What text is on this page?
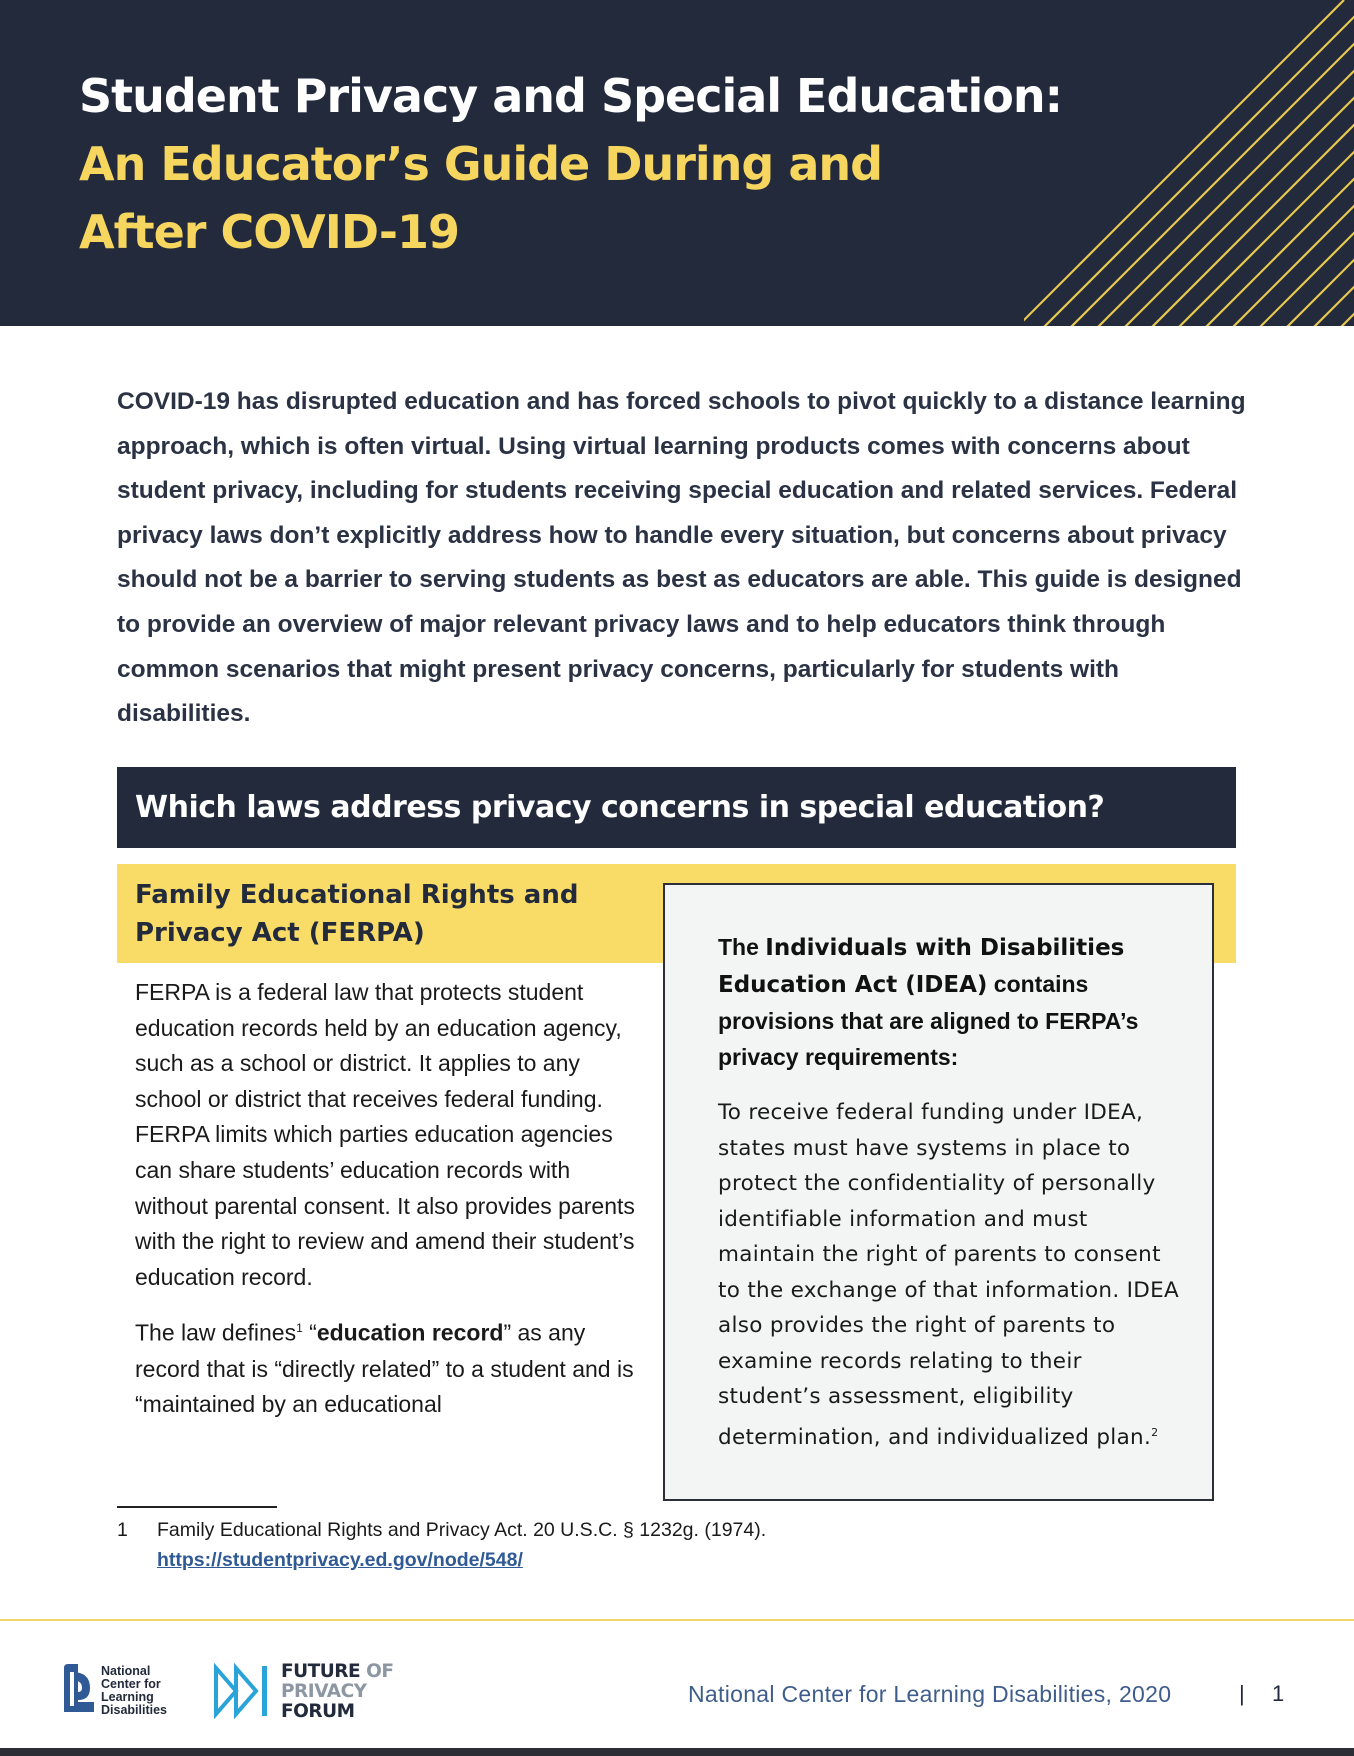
Student Privacy and Special Education:
An Educator’s Guide During and
After COVID-19

COVID-19 has disrupted education and has forced schools to pivot quickly to a distance learning approach, which is often virtual. Using virtual learning products comes with concerns about student privacy, including for students receiving special education and related services. Federal privacy laws don’t explicitly address how to handle every situation, but concerns about privacy should not be a barrier to serving students as best as educators are able. This guide is designed to provide an overview of major relevant privacy laws and to help educators think through common scenarios that might present privacy concerns, particularly for students with disabilities.

Which laws address privacy concerns in special education?
Family Educational Rights and
Privacy Act (FERPA)

FERPA is a federal law that protects student education records held by an education agency, such as a school or district. It applies to any school or district that receives federal funding. FERPA limits which parties education agencies can share students’ education records with without parental consent. It also provides parents with the right to review and amend their student’s education record.

The law defines$^1$ “education record” as any record that is “directly related” to a student and is “maintained by an educational

The Individuals with Disabilities Education Act (IDEA) contains provisions that are aligned to FERPA’s privacy requirements:

To receive federal funding under IDEA, states must have systems in place to protect the confidentiality of personally identifiable information and must maintain the right of parents to consent to the exchange of that information. IDEA also provides the right of parents to examine records relating to their student’s assessment, eligibility determination, and individualized plan.$^2$

1 Family Educational Rights and Privacy Act. 20 U.S.C. § 1232g. (1974).
https://studentprivacy.ed.gov/node/548/
National Center for Learning Disabilities
FUTURE OF
PRIVACY
FORUM
National Center for Learning Disabilities, 2020	| 1
